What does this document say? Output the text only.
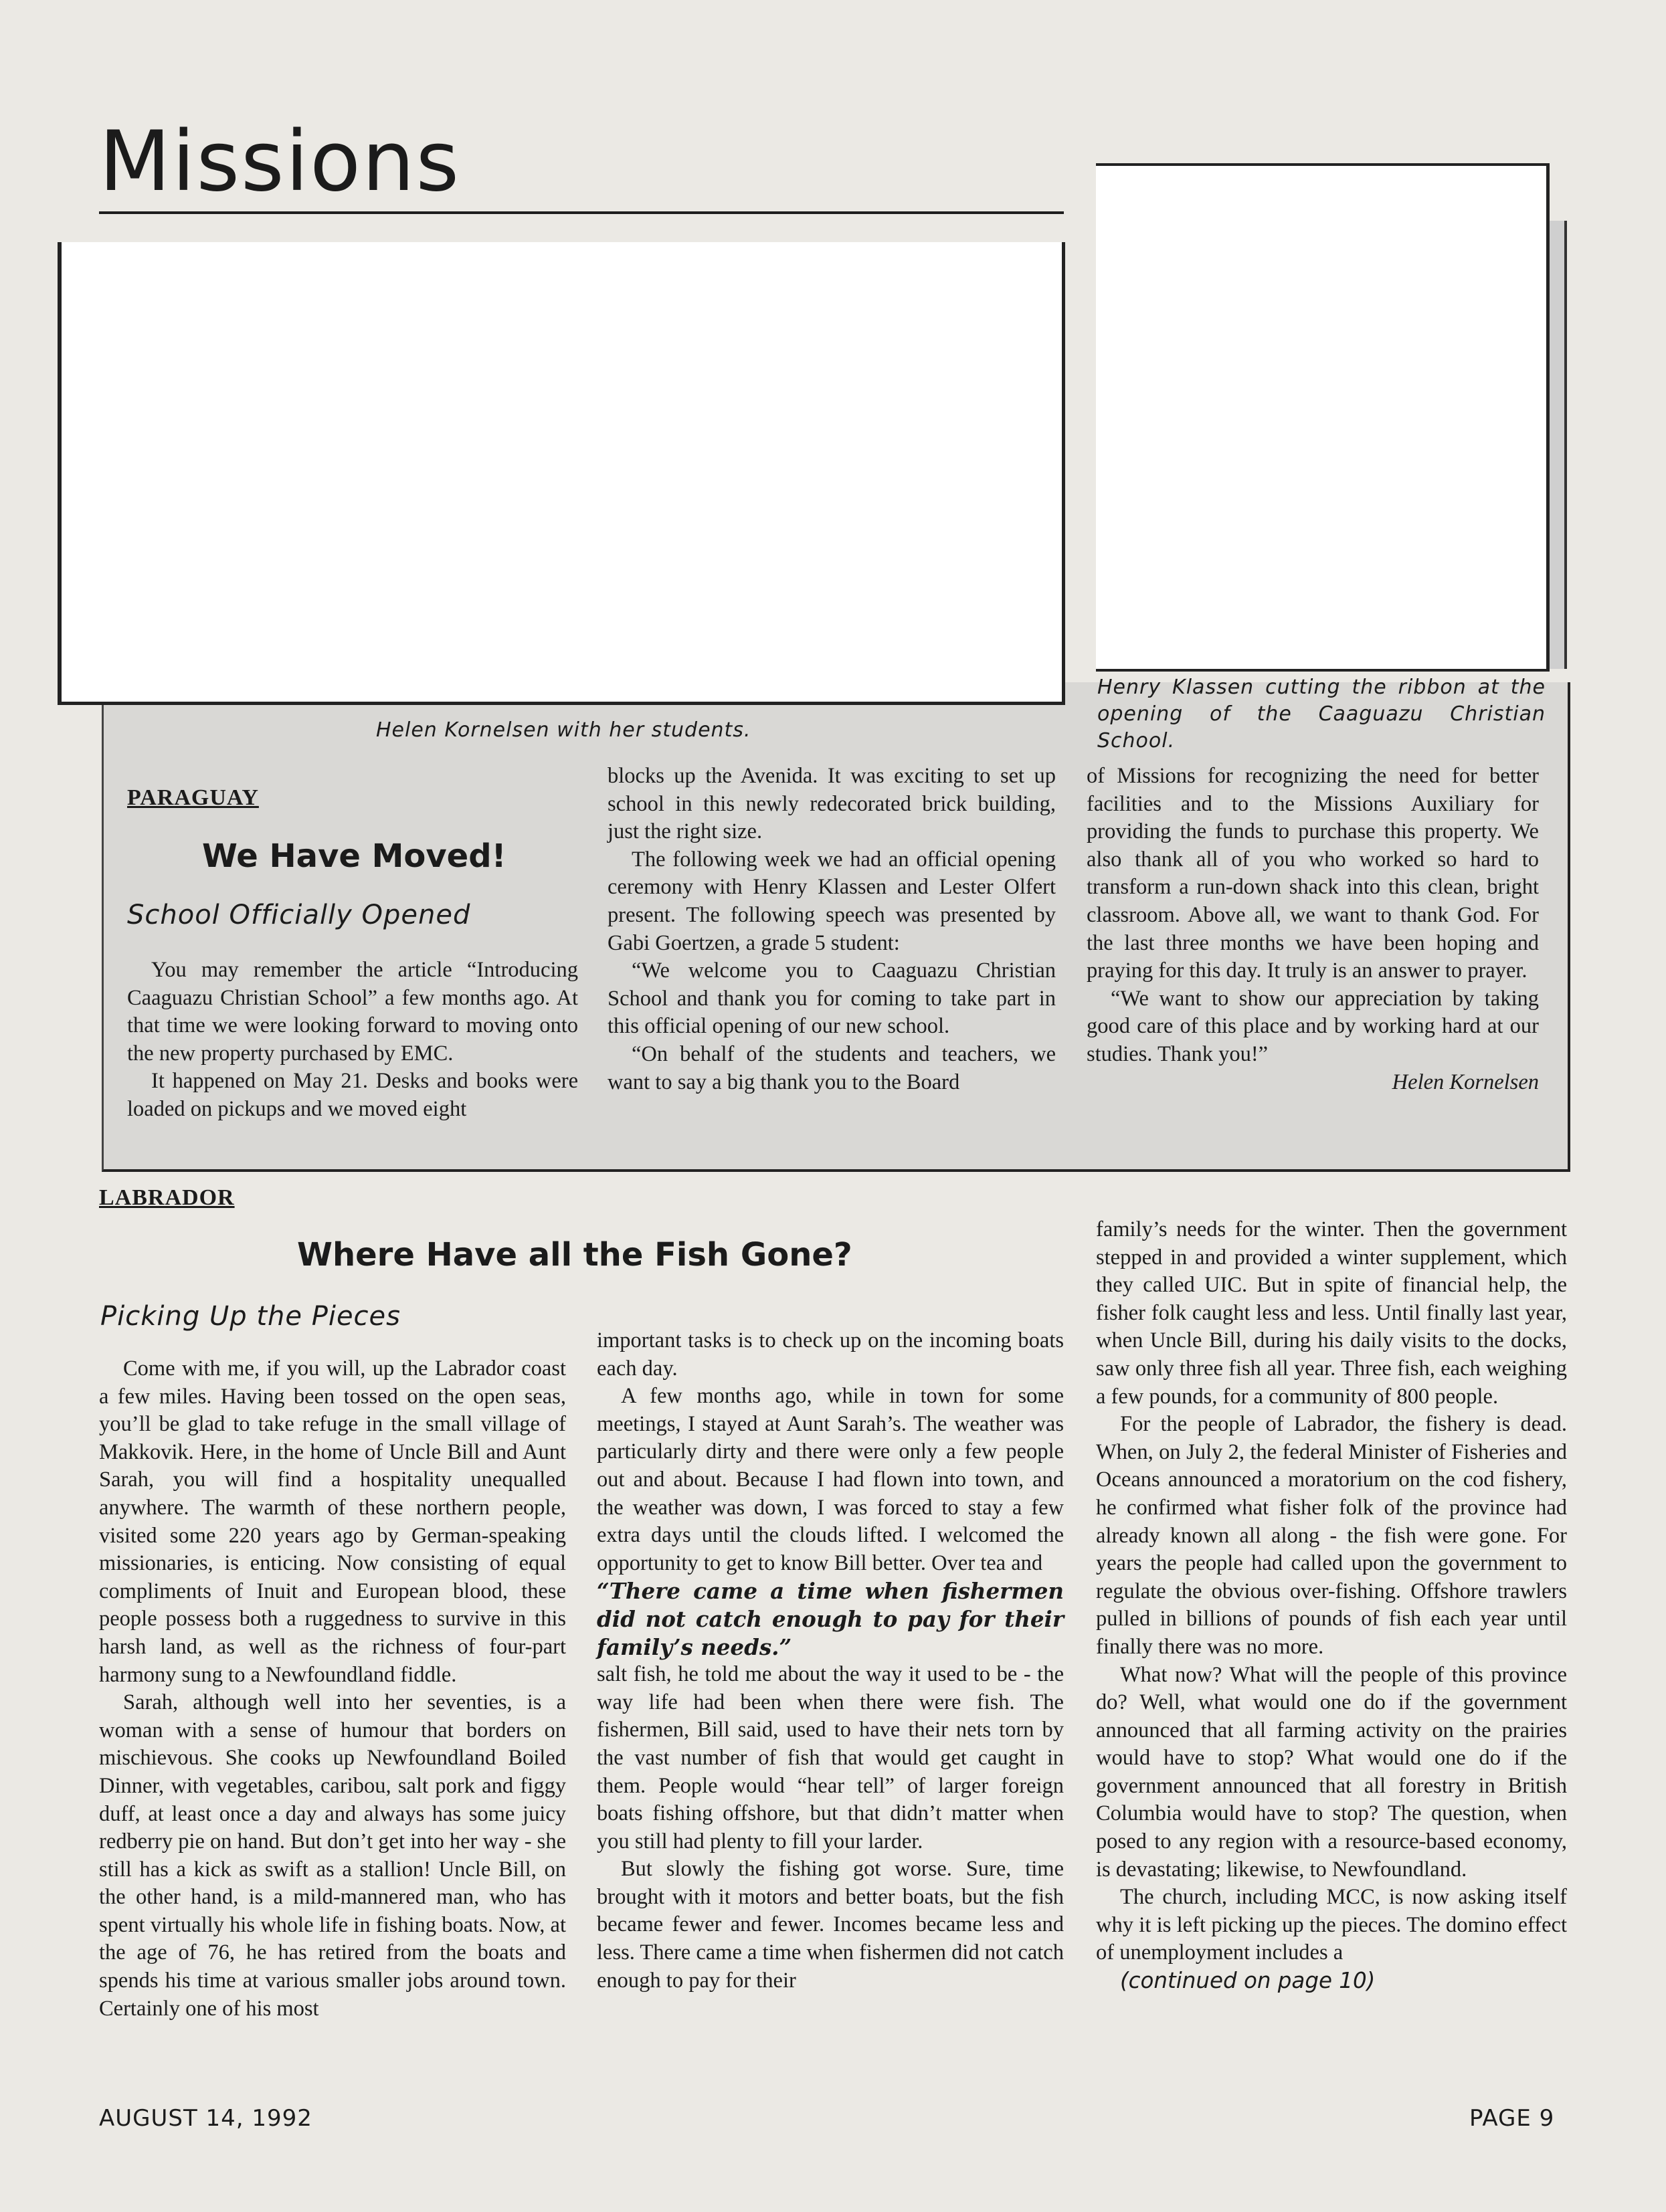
Missions

Helen Kornelsen with her students.

Henry Klassen cutting the ribbon at the opening of the Caaguazu Christian School.

PARAGUAY

We Have Moved!

School Officially Opened

You may remember the article “Introducing Caaguazu Christian School” a few months ago. At that time we were looking forward to moving onto the new property purchased by EMC.

It happened on May 21. Desks and books were loaded on pickups and we moved eight

blocks up the Avenida. It was exciting to set up school in this newly redecorated brick building, just the right size.

The following week we had an official opening ceremony with Henry Klassen and Lester Olfert present. The following speech was presented by Gabi Goertzen, a grade 5 student:

“We welcome you to Caaguazu Christian School and thank you for coming to take part in this official opening of our new school.

“On behalf of the students and teachers, we want to say a big thank you to the Board

of Missions for recognizing the need for better facilities and to the Missions Auxiliary for providing the funds to purchase this property. We also thank all of you who worked so hard to transform a run-down shack into this clean, bright classroom. Above all, we want to thank God. For the last three months we have been hoping and praying for this day. It truly is an answer to prayer.

“We want to show our appreciation by taking good care of this place and by working hard at our studies. Thank you!”

Helen Kornelsen

LABRADOR

Where Have all the Fish Gone?

Picking Up the Pieces

Come with me, if you will, up the Labrador coast a few miles. Having been tossed on the open seas, you’ll be glad to take refuge in the small village of Makkovik. Here, in the home of Uncle Bill and Aunt Sarah, you will find a hospitality unequalled anywhere. The warmth of these northern people, visited some 220 years ago by German-speaking missionaries, is enticing. Now consisting of equal compliments of Inuit and European blood, these people possess both a ruggedness to survive in this harsh land, as well as the richness of four-part harmony sung to a Newfoundland fiddle.

Sarah, although well into her seventies, is a woman with a sense of humour that borders on mischievous. She cooks up Newfoundland Boiled Dinner, with vegetables, caribou, salt pork and figgy duff, at least once a day and always has some juicy redberry pie on hand. But don’t get into her way - she still has a kick as swift as a stallion! Uncle Bill, on the other hand, is a mild-mannered man, who has spent virtually his whole life in fishing boats. Now, at the age of 76, he has retired from the boats and spends his time at various smaller jobs around town. Certainly one of his most

important tasks is to check up on the incoming boats each day.

A few months ago, while in town for some meetings, I stayed at Aunt Sarah’s. The weather was particularly dirty and there were only a few people out and about. Because I had flown into town, and the weather was down, I was forced to stay a few extra days until the clouds lifted. I welcomed the opportunity to get to know Bill better. Over tea and

“There came a time when fishermen did not catch enough to pay for their family’s needs.”

salt fish, he told me about the way it used to be - the way life had been when there were fish. The fishermen, Bill said, used to have their nets torn by the vast number of fish that would get caught in them. People would “hear tell” of larger foreign boats fishing offshore, but that didn’t matter when you still had plenty to fill your larder.

But slowly the fishing got worse. Sure, time brought with it motors and better boats, but the fish became fewer and fewer. Incomes became less and less. There came a time when fishermen did not catch enough to pay for their

family’s needs for the winter. Then the government stepped in and provided a winter supplement, which they called UIC. But in spite of financial help, the fisher folk caught less and less. Until finally last year, when Uncle Bill, during his daily visits to the docks, saw only three fish all year. Three fish, each weighing a few pounds, for a community of 800 people.

For the people of Labrador, the fishery is dead. When, on July 2, the federal Minister of Fisheries and Oceans announced a moratorium on the cod fishery, he confirmed what fisher folk of the province had already known all along - the fish were gone. For years the people had called upon the government to regulate the obvious over-fishing. Offshore trawlers pulled in billions of pounds of fish each year until finally there was no more.

What now? What will the people of this province do? Well, what would one do if the government announced that all farming activity on the prairies would have to stop? What would one do if the government announced that all forestry in British Columbia would have to stop? The question, when posed to any region with a resource-based economy, is devastating; likewise, to Newfoundland.

The church, including MCC, is now asking itself why it is left picking up the pieces. The domino effect of unemployment includes a

(continued on page 10)

AUGUST 14, 1992	PAGE 9
